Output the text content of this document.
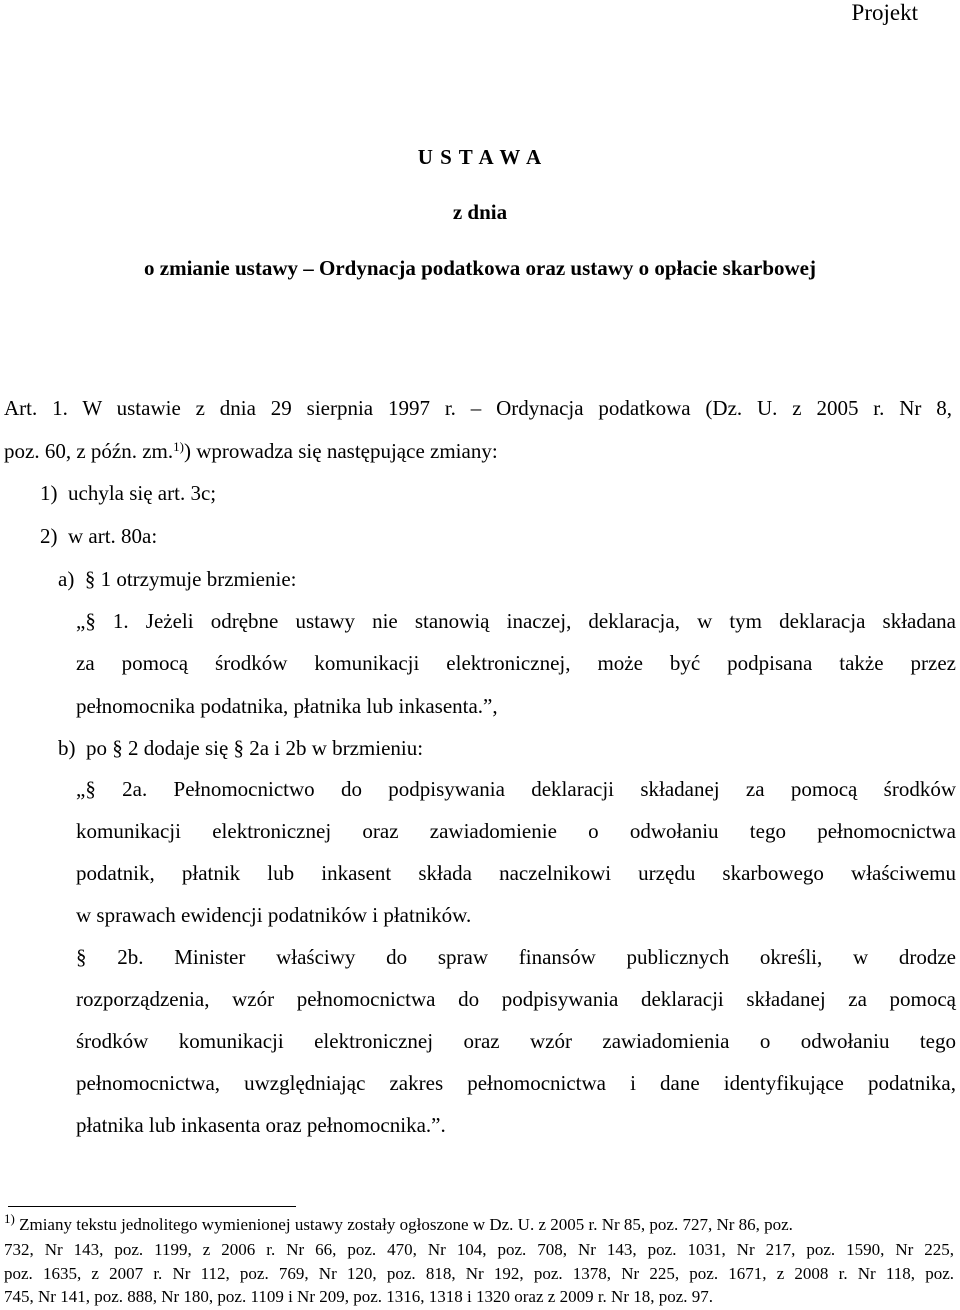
Projekt
U S T A W A
z dnia
o zmianie ustawy – Ordynacja podatkowa oraz ustawy o opłacie skarbowej
Art. 1. W ustawie z dnia 29 sierpnia 1997 r. – Ordynacja podatkowa (Dz. U. z 2005 r. Nr 8,
poz. 60, z późn. zm.$^{1)}$) wprowadza się następujące zmiany:
1)  uchyla się art. 3c;
2)  w art. 80a:
a)  § 1 otrzymuje brzmienie:
„§ 1. Jeżeli odrębne ustawy nie stanowią inaczej, deklaracja, w tym deklaracja składana
za pomocą środków komunikacji elektronicznej, może być podpisana także przez
pełnomocnika podatnika, płatnika lub inkasenta.”,
b)  po § 2 dodaje się § 2a i 2b w brzmieniu:
„§ 2a. Pełnomocnictwo do podpisywania deklaracji składanej za pomocą środków
komunikacji elektronicznej oraz zawiadomienie o odwołaniu tego pełnomocnictwa
podatnik, płatnik lub inkasent składa naczelnikowi urzędu skarbowego właściwemu
w sprawach ewidencji podatników i płatników.
§ 2b. Minister właściwy do spraw finansów publicznych określi, w drodze
rozporządzenia, wzór pełnomocnictwa do podpisywania deklaracji składanej za pomocą
środków komunikacji elektronicznej oraz wzór zawiadomienia o odwołaniu tego
pełnomocnictwa, uwzględniając zakres pełnomocnictwa i dane identyfikujące podatnika,
płatnika lub inkasenta oraz pełnomocnika.”.
$^{1)}$ Zmiany tekstu jednolitego wymienionej ustawy zostały ogłoszone w Dz. U. z 2005 r. Nr 85, poz. 727, Nr 86, poz.
732, Nr 143, poz. 1199, z 2006 r. Nr 66, poz. 470, Nr 104, poz. 708, Nr 143, poz. 1031, Nr 217, poz. 1590, Nr 225,
poz. 1635, z 2007 r. Nr 112, poz. 769, Nr 120, poz. 818, Nr 192, poz. 1378, Nr 225, poz. 1671, z 2008 r. Nr 118, poz.
745, Nr 141, poz. 888, Nr 180, poz. 1109 i Nr 209, poz. 1316, 1318 i 1320 oraz z 2009 r. Nr 18, poz. 97.
